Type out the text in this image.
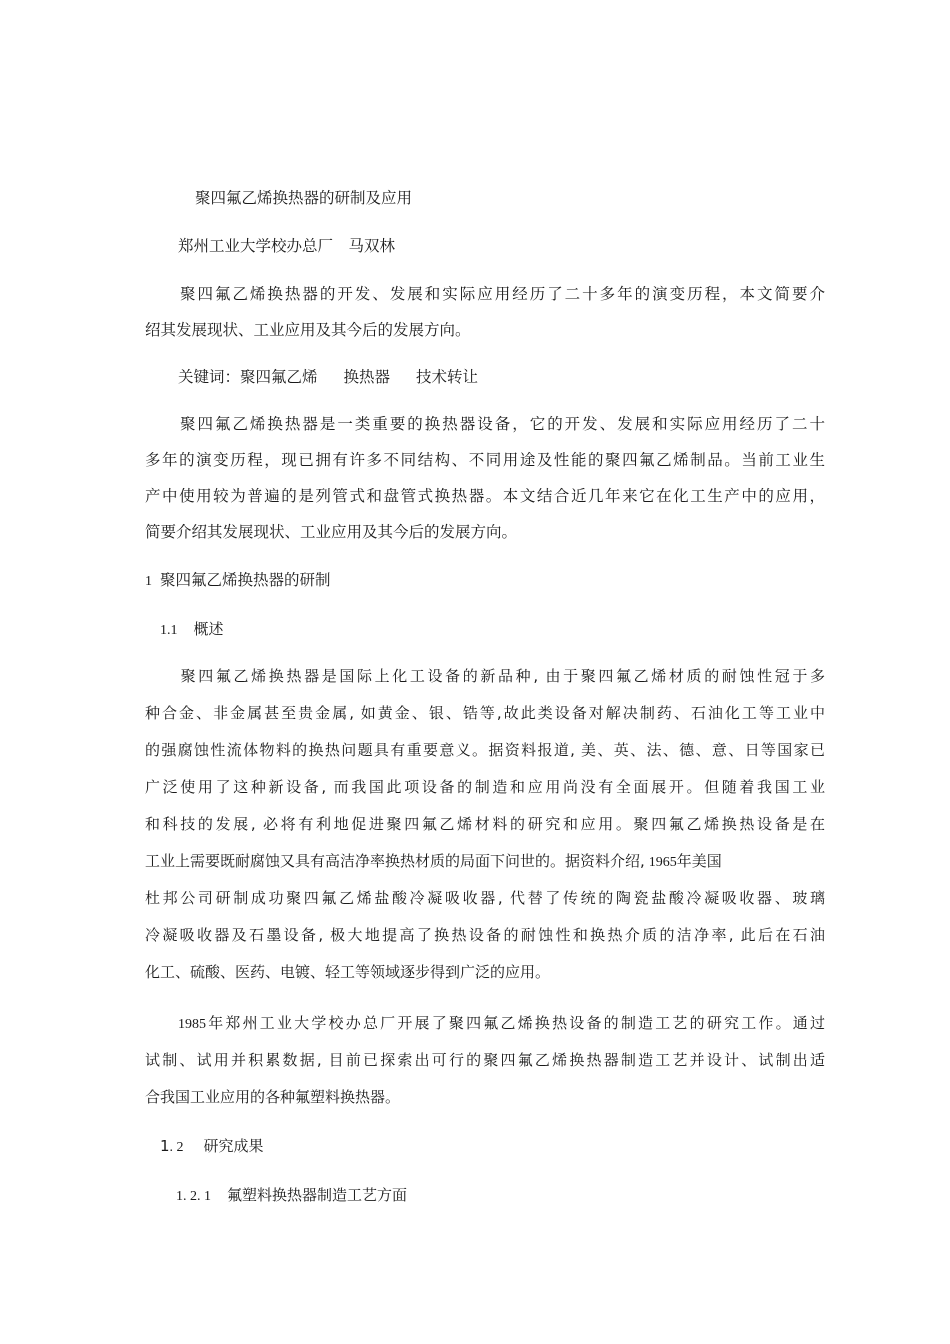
聚四氟乙烯换热器的研制及应用
郑州工业大学校办总厂　马双林
聚四氟乙烯换热器的开发、发展和实际应用经历了二十多年的演变历程，本文简要介
绍其发展现状、工业应用及其今后的发展方向。
关键词：聚四氟乙烯 换热器 技术转让
聚四氟乙烯换热器是一类重要的换热器设备，它的开发、发展和实际应用经历了二十
多年的演变历程，现已拥有许多不同结构、不同用途及性能的聚四氟乙烯制品。当前工业生
产中使用较为普遍的是列管式和盘管式换热器。本文结合近几年来它在化工生产中的应用，
简要介绍其发展现状、工业应用及其今后的发展方向。
1 聚四氟乙烯换热器的研制
1.1 概述
聚四氟乙烯换热器是国际上化工设备的新品种, 由于聚四氟乙烯材质的耐蚀性冠于多
种合金、非金属甚至贵金属, 如黄金、银、锆等,故此类设备对解决制药、石油化工等工业中
的强腐蚀性流体物料的换热问题具有重要意义。据资料报道, 美、英、法、德、意、日等国家已
广泛使用了这种新设备, 而我国此项设备的制造和应用尚没有全面展开。但随着我国工业
和科技的发展, 必将有利地促进聚四氟乙烯材料的研究和应用。聚四氟乙烯换热设备是在
工业上需要既耐腐蚀又具有高洁净率换热材质的局面下问世的。据资料介绍, 1965年美国
杜邦公司研制成功聚四氟乙烯盐酸冷凝吸收器, 代替了传统的陶瓷盐酸冷凝吸收器、玻璃
冷凝吸收器及石墨设备, 极大地提高了换热设备的耐蚀性和换热介质的洁净率, 此后在石油
化工、硫酸、医药、电镀、轻工等领域逐步得到广泛的应用。
1985年郑州工业大学校办总厂开展了聚四氟乙烯换热设备的制造工艺的研究工作。通过
试制、试用并积累数据, 目前已探索出可行的聚四氟乙烯换热器制造工艺并设计、试制出适
合我国工业应用的各种氟塑料换热器。
1. 2 研究成果
1. 2. 1 氟塑料换热器制造工艺方面
